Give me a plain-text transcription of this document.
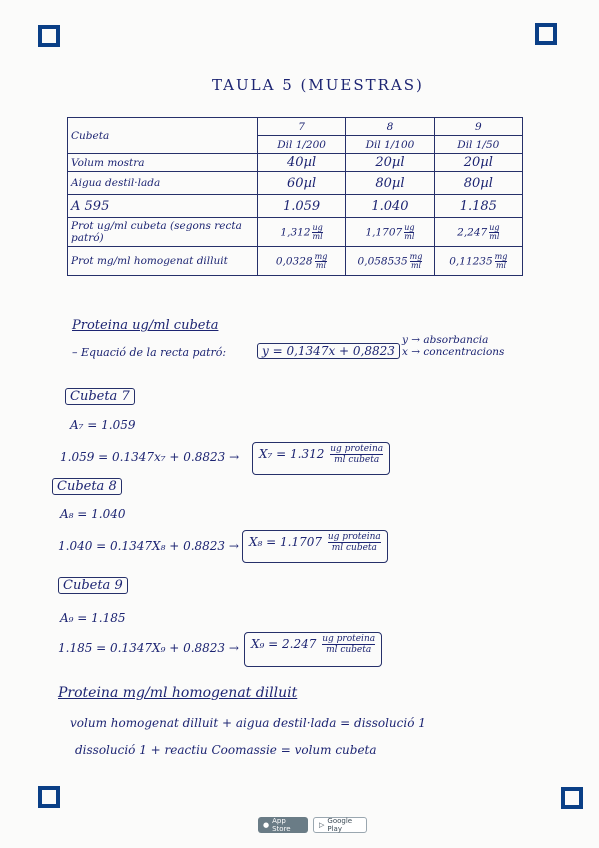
TAULA 5 (MUESTRAS)
Cubeta	7	8	9
	Dil 1/200	Dil 1/100	Dil 1/50
Volum mostra	40µl	20µl	20µl
Aigua destil·lada	60µl	80µl	80µl
A 595	1.059	1.040	1.185
Prot ug/ml cubeta (segons recta patró)	$1,312 \frac{ug}{ml}$	$1,1707 \frac{ug}{ml}$	$2,247 \frac{ug}{ml}$
Prot mg/ml homogenat dilluit	$0,0328 \frac{mg}{ml}$	$0,058535 \frac{mg}{ml}$	$0,11235 \frac{mg}{ml}$
Proteina ug/ml cubeta
– Equació de la recta patró:	y = 0,1347x + 0,8823
y → absorbancia
x → concentracions
Cubeta 7
A₇ = 1.059
1.059 = 0.1347x₇ + 0.8823 →	$X_7 = 1.312 \frac{\text{ug proteina}}{\text{ml cubeta}}$
Cubeta 8
A₈ = 1.040
$1.040 = 0.1347X_8 + 0.8823 \to X_8 = 1.1707 \frac{\text{ug proteina}}{\text{ml cubeta}}$
Cubeta 9
A₉ = 1.185
1.185 = 0.1347X₉ + 0.8823 →	$X_9 = 2.247 \frac{\text{ug proteina}}{\text{ml cubeta}}$
Proteina mg/ml homogenat dilluit
volum homogenat dilluit + aigua destil·lada = dissolució 1
dissolució 1 + reactiu Coomassie = volum cubeta
● App Store	▷ Google Play
